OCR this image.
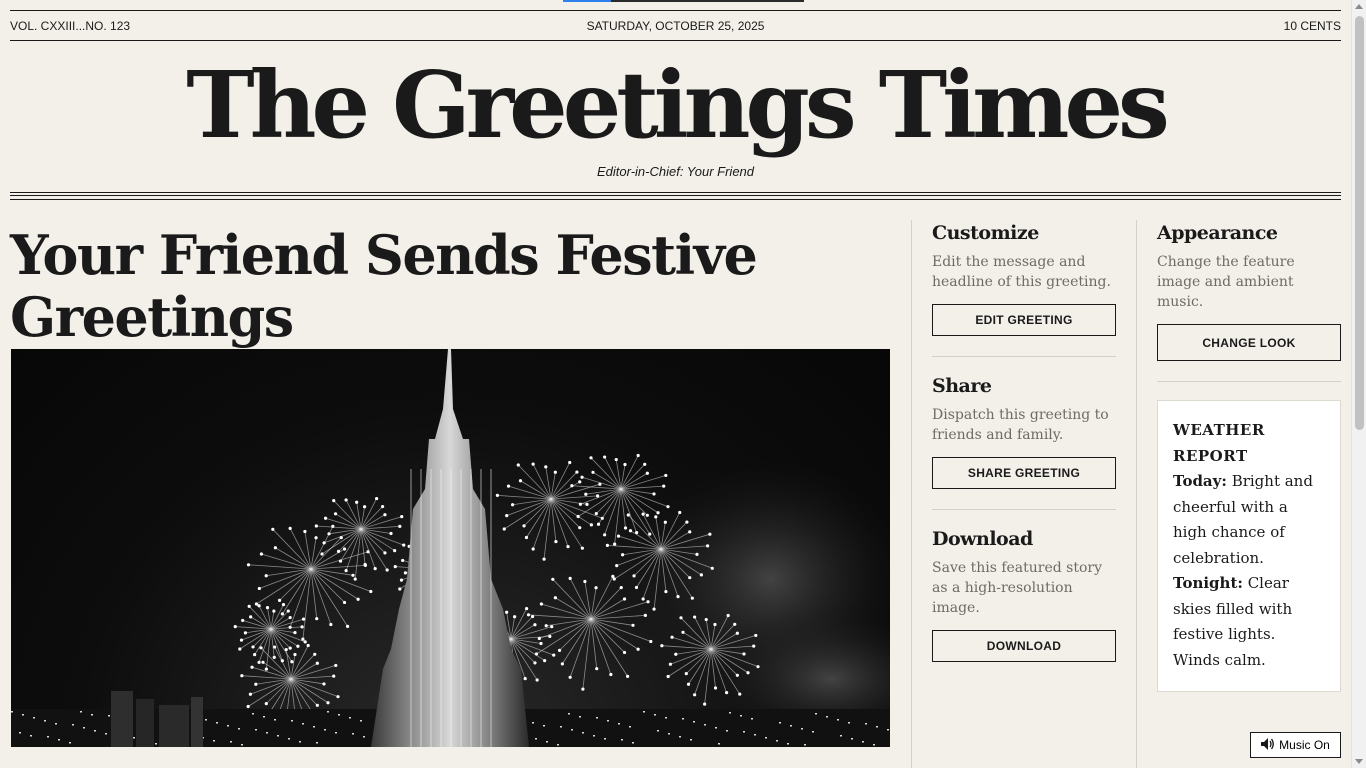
VOL. CXXIII...NO. 123	SATURDAY, OCTOBER 25, 2025	10 CENTS
The Greetings Times
Editor-in-Chief: Your Friend
Your Friend Sends Festive Greetings
Customize

Edit the message and headline of this greeting.

EDIT GREETING
Share

Dispatch this greeting to friends and family.

SHARE GREETING
Download

Save this featured story as a high-resolution image.

DOWNLOAD
Appearance

Change the feature image and ambient music.

CHANGE LOOK
WEATHER REPORT
Today: Bright and cheerful with a high chance of celebration. Tonight: Clear skies filled with festive lights. Winds calm.
Music On
